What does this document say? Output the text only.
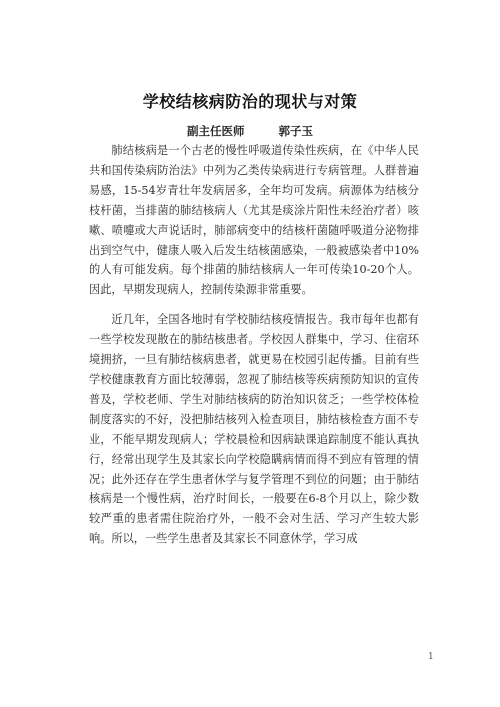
学校结核病防治的现状与对策
副主任医师	郭子玉

肺结核病是一个古老的慢性呼吸道传染性疾病，在《中华人民共和国传染病防治法》中列为乙类传染病进行专病管理。人群普遍易感，15-54岁青壮年发病居多，全年均可发病。病源体为结核分枝杆菌，当排菌的肺结核病人（尤其是痰涂片阳性未经治疗者）咳嗽、喷嚏或大声说话时，肺部病变中的结核杆菌随呼吸道分泌物排出到空气中，健康人吸入后发生结核菌感染，一般被感染者中10%的人有可能发病。每个排菌的肺结核病人一年可传染10-20个人。因此，早期发现病人，控制传染源非常重要。

近几年，全国各地时有学校肺结核疫情报告。我市每年也都有一些学校发现散在的肺结核患者。学校因人群集中，学习、住宿环境拥挤，一旦有肺结核病患者，就更易在校园引起传播。目前有些学校健康教育方面比较薄弱，忽视了肺结核等疾病预防知识的宣传普及，学校老师、学生对肺结核病的防治知识贫乏；一些学校体检制度落实的不好，没把肺结核列入检查项目，肺结核检查方面不专业，不能早期发现病人；学校晨检和因病缺课追踪制度不能认真执行，经常出现学生及其家长向学校隐瞒病情而得不到应有管理的情况；此外还存在学生患者休学与复学管理不到位的问题；由于肺结核病是一个慢性病，治疗时间长，一般要在6-8个月以上，除少数较严重的患者需住院治疗外，一般不会对生活、学习产生较大影响。所以，一些学生患者及其家长不同意休学，学习成

1
